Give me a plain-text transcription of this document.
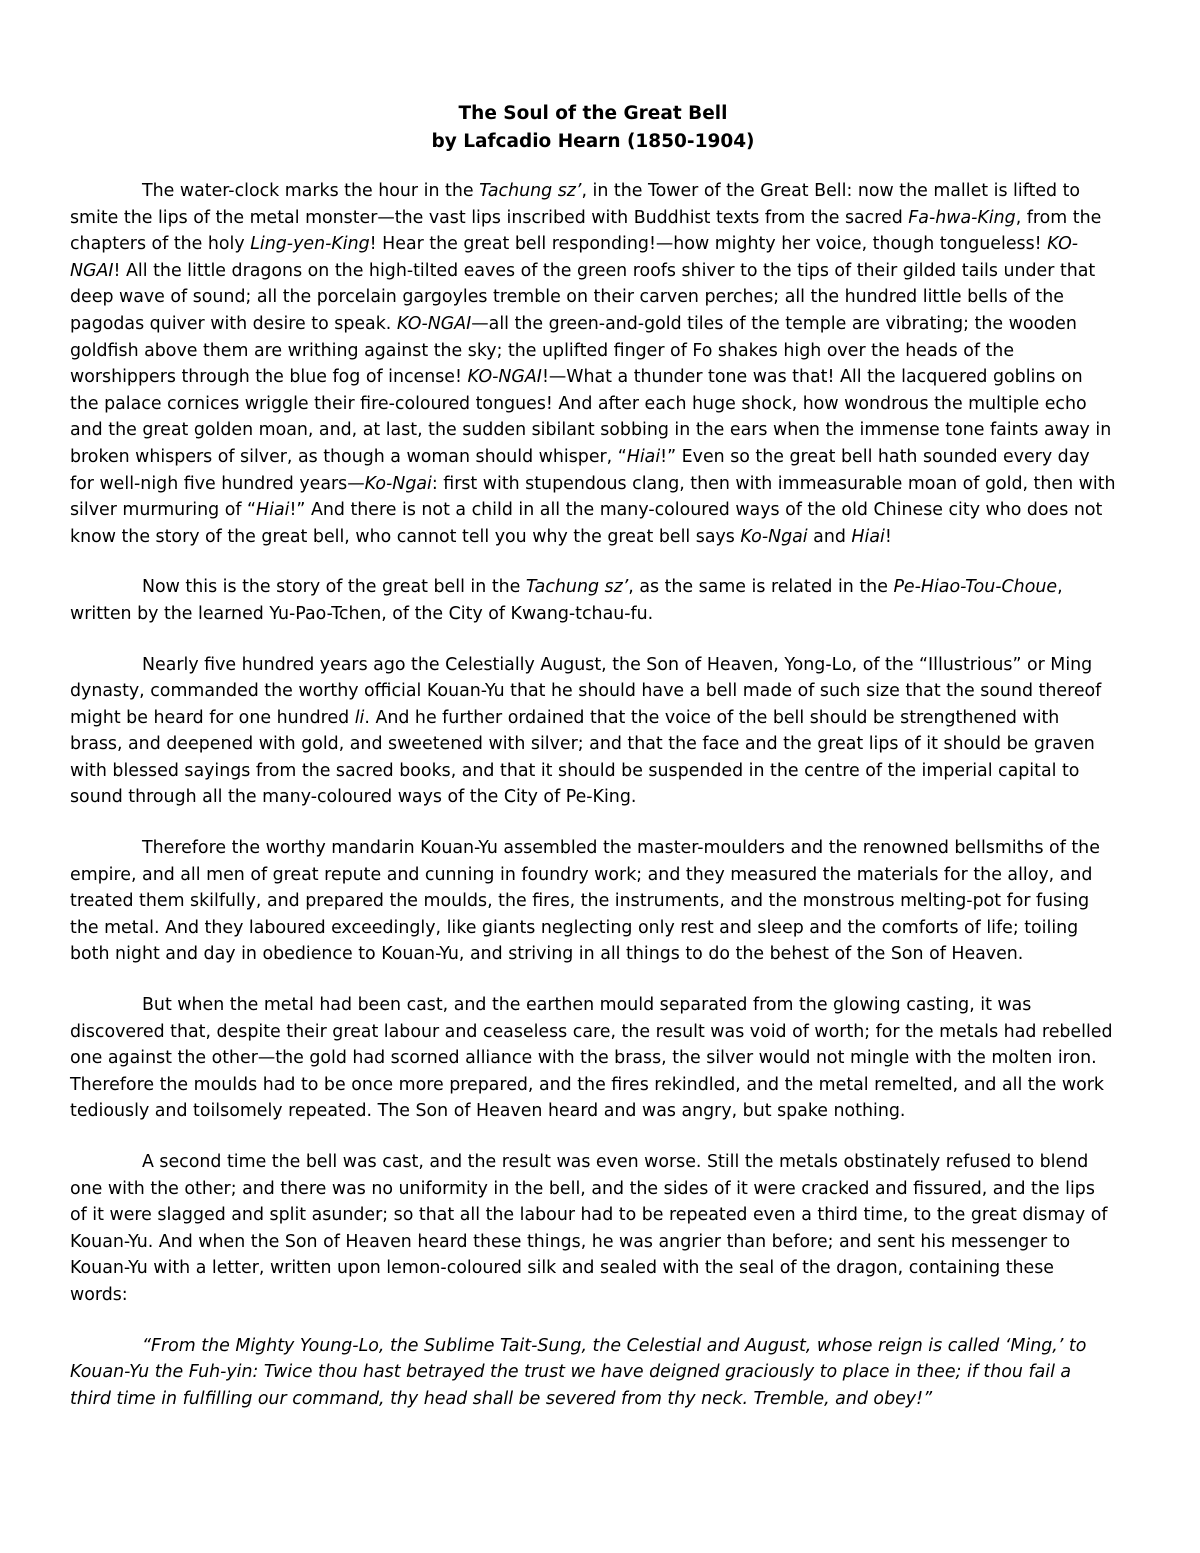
The Soul of the Great Bell
by Lafcadio Hearn (1850-1904)

The water-clock marks the hour in the Tachung sz’, in the Tower of the Great Bell: now the mallet is lifted to smite the lips of the metal monster—the vast lips inscribed with Buddhist texts from the sacred Fa-hwa-King, from the chapters of the holy Ling-yen-King! Hear the great bell responding!—how mighty her voice, though tongueless! KO-NGAI! All the little dragons on the high-tilted eaves of the green roofs shiver to the tips of their gilded tails under that deep wave of sound; all the porcelain gargoyles tremble on their carven perches; all the hundred little bells of the pagodas quiver with desire to speak. KO-NGAI—all the green-and-gold tiles of the temple are vibrating; the wooden goldfish above them are writhing against the sky; the uplifted finger of Fo shakes high over the heads of the worshippers through the blue fog of incense! KO-NGAI!—What a thunder tone was that! All the lacquered goblins on the palace cornices wriggle their fire-coloured tongues! And after each huge shock, how wondrous the multiple echo and the great golden moan, and, at last, the sudden sibilant sobbing in the ears when the immense tone faints away in broken whispers of silver, as though a woman should whisper, “Hiai!” Even so the great bell hath sounded every day for well-nigh five hundred years—Ko-Ngai: first with stupendous clang, then with immeasurable moan of gold, then with silver murmuring of “Hiai!” And there is not a child in all the many-coloured ways of the old Chinese city who does not know the story of the great bell, who cannot tell you why the great bell says Ko-Ngai and Hiai!

Now this is the story of the great bell in the Tachung sz’, as the same is related in the Pe-Hiao-Tou-Choue, written by the learned Yu-Pao-Tchen, of the City of Kwang-tchau-fu.

Nearly five hundred years ago the Celestially August, the Son of Heaven, Yong-Lo, of the “Illustrious” or Ming dynasty, commanded the worthy official Kouan-Yu that he should have a bell made of such size that the sound thereof might be heard for one hundred li. And he further ordained that the voice of the bell should be strengthened with brass, and deepened with gold, and sweetened with silver; and that the face and the great lips of it should be graven with blessed sayings from the sacred books, and that it should be suspended in the centre of the imperial capital to sound through all the many-coloured ways of the City of Pe-King.

Therefore the worthy mandarin Kouan-Yu assembled the master-moulders and the renowned bellsmiths of the empire, and all men of great repute and cunning in foundry work; and they measured the materials for the alloy, and treated them skilfully, and prepared the moulds, the fires, the instruments, and the monstrous melting-pot for fusing the metal. And they laboured exceedingly, like giants neglecting only rest and sleep and the comforts of life; toiling both night and day in obedience to Kouan-Yu, and striving in all things to do the behest of the Son of Heaven.

But when the metal had been cast, and the earthen mould separated from the glowing casting, it was discovered that, despite their great labour and ceaseless care, the result was void of worth; for the metals had rebelled one against the other—the gold had scorned alliance with the brass, the silver would not mingle with the molten iron. Therefore the moulds had to be once more prepared, and the fires rekindled, and the metal remelted, and all the work tediously and toilsomely repeated. The Son of Heaven heard and was angry, but spake nothing.

A second time the bell was cast, and the result was even worse. Still the metals obstinately refused to blend one with the other; and there was no uniformity in the bell, and the sides of it were cracked and fissured, and the lips of it were slagged and split asunder; so that all the labour had to be repeated even a third time, to the great dismay of Kouan-Yu. And when the Son of Heaven heard these things, he was angrier than before; and sent his messenger to Kouan-Yu with a letter, written upon lemon-coloured silk and sealed with the seal of the dragon, containing these words:

“From the Mighty Young-Lo, the Sublime Tait-Sung, the Celestial and August, whose reign is called ‘Ming,’ to Kouan-Yu the Fuh-yin: Twice thou hast betrayed the trust we have deigned graciously to place in thee; if thou fail a third time in fulfilling our command, thy head shall be severed from thy neck. Tremble, and obey!”
